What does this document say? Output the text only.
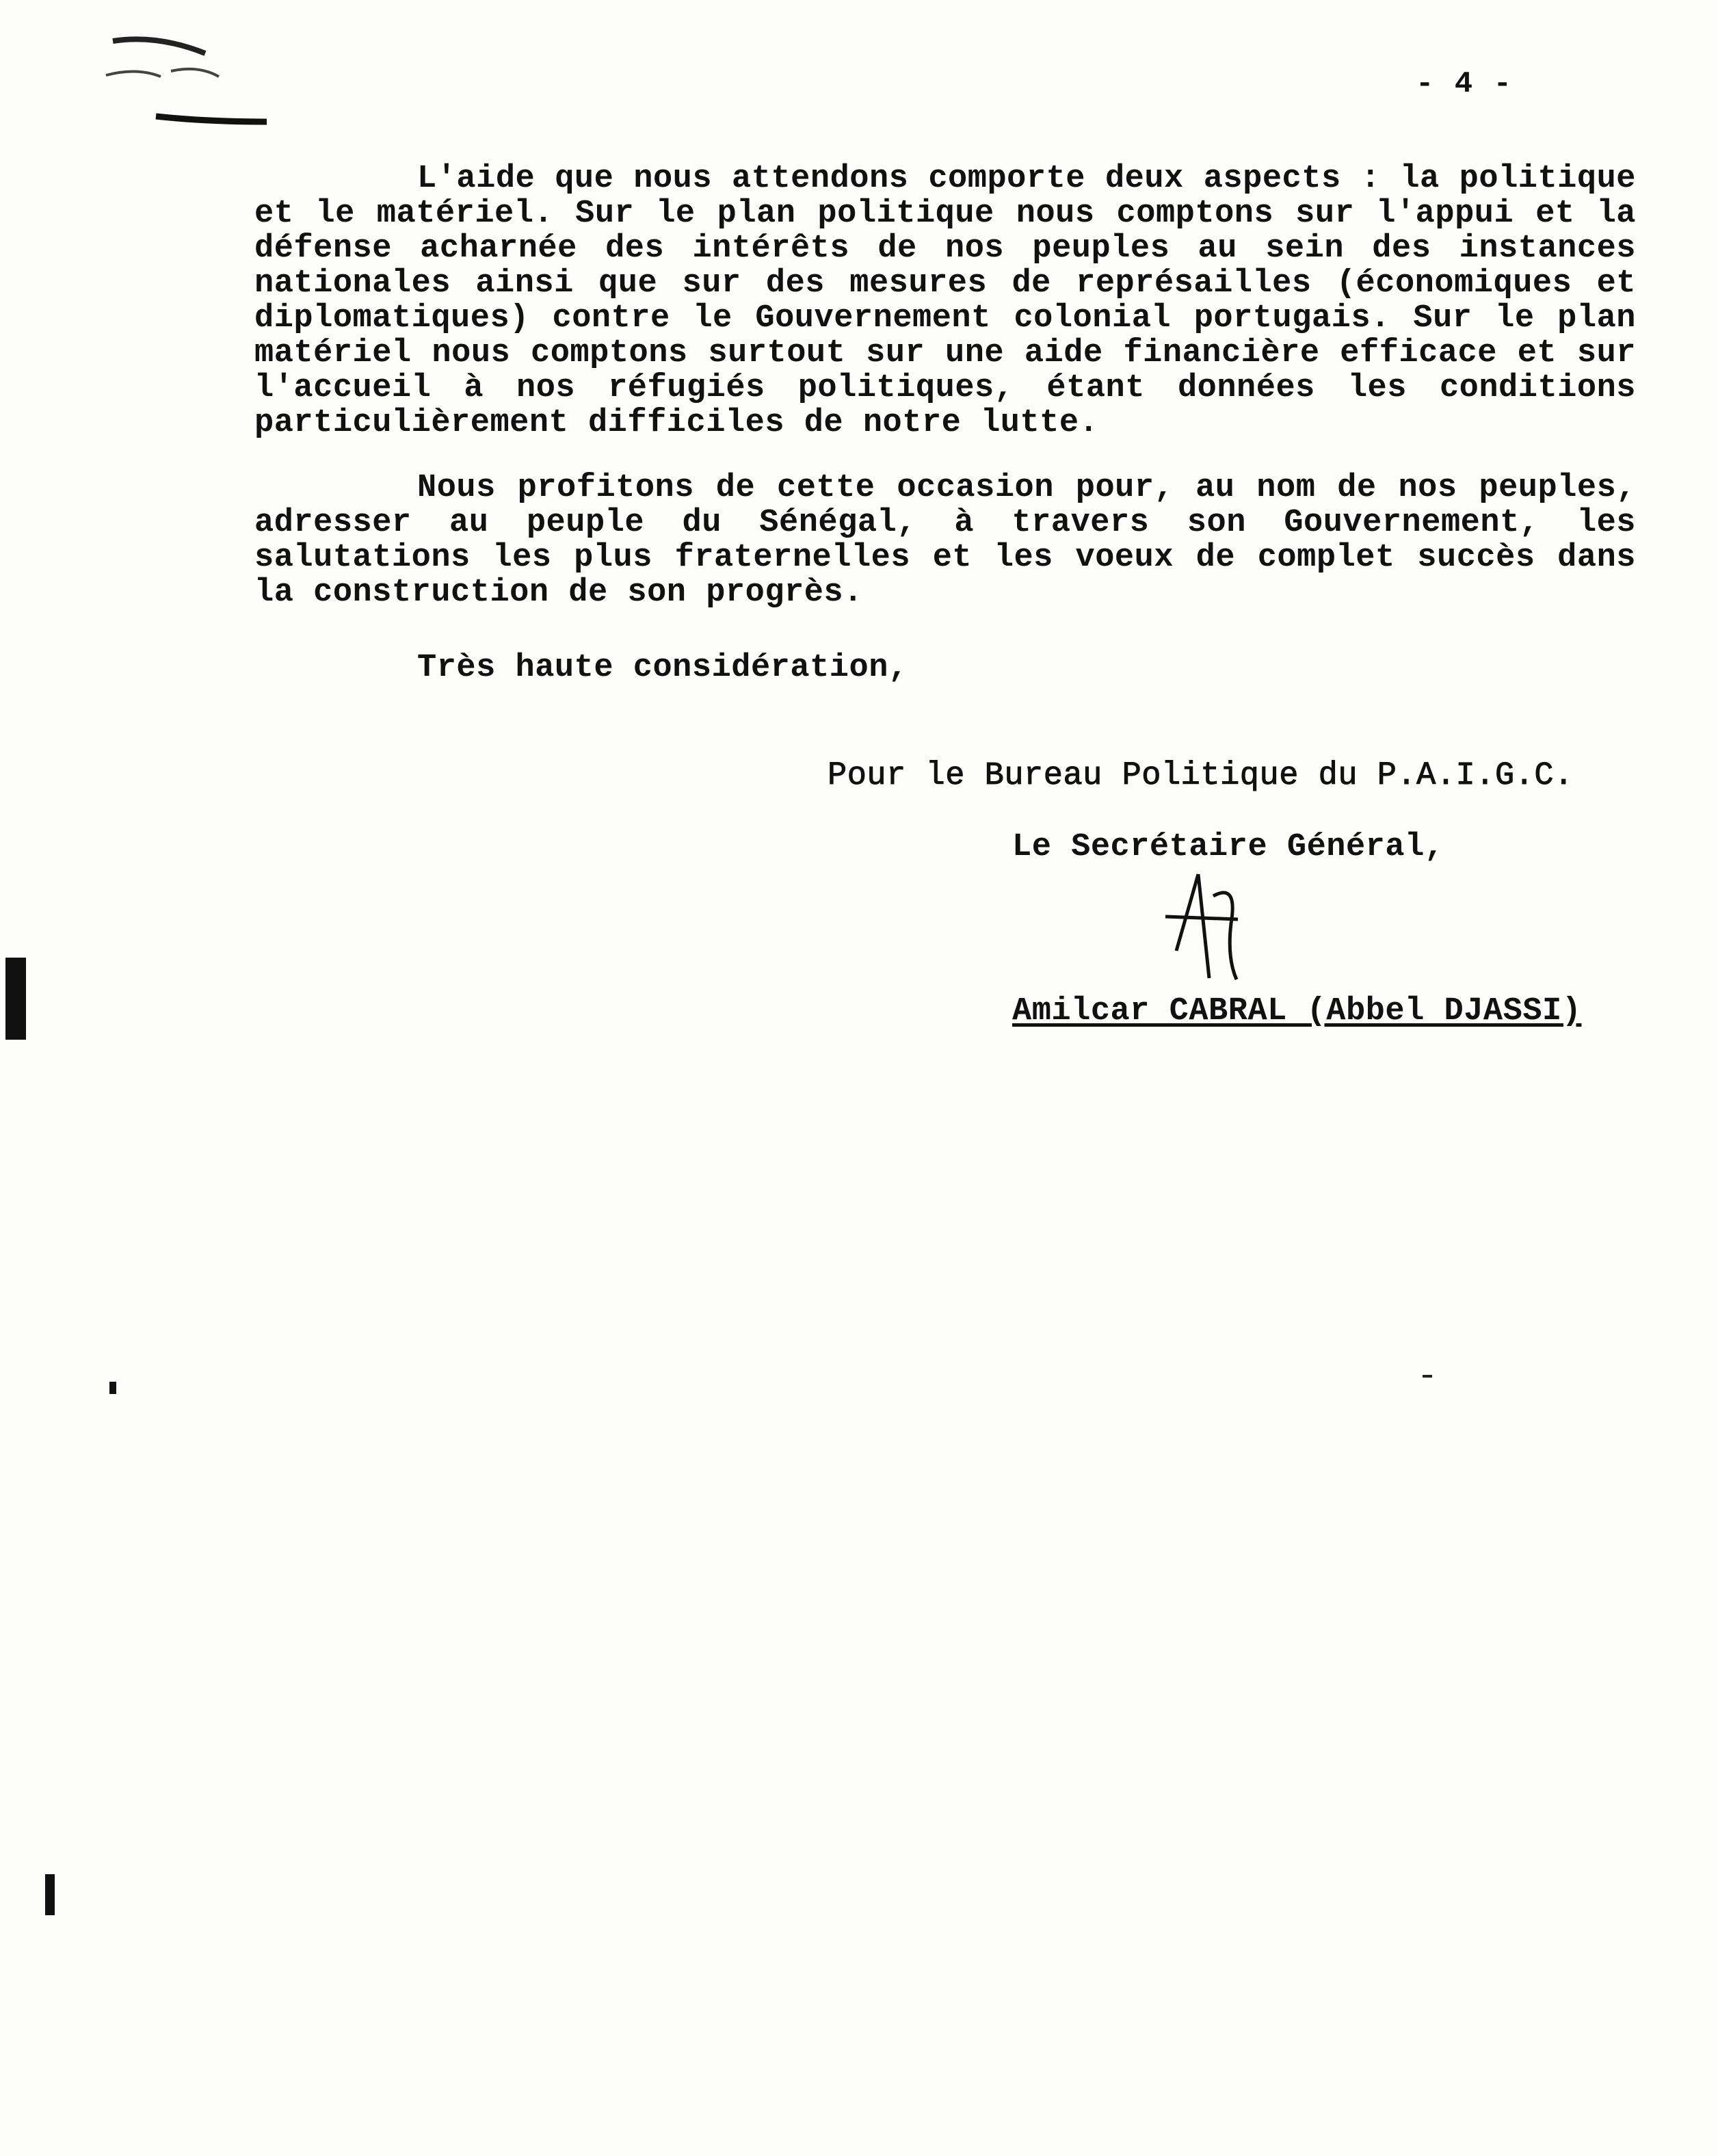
- 4 -

L'aide que nous attendons comporte deux aspects : la politique et le matériel. Sur le plan politique nous comptons sur l'appui et la défense acharnée des intérêts de nos peuples au sein des instances nationales ainsi que sur des mesures de représailles (économiques et diplomatiques) contre le Gouvernement colonial portugais. Sur le plan matériel nous comptons surtout sur une aide financière efficace et sur l'accueil à nos réfugiés politiques, étant données les conditions particulièrement difficiles de notre lutte.

Nous profitons de cette occasion pour, au nom de nos peuples, adresser au peuple du Sénégal, à travers son Gouvernement, les salutations les plus fraternelles et les voeux de complet succès dans la construction de son progrès.

Très haute considération,
Pour le Bureau Politique du P.A.I.G.C.
Le Secrétaire Général,
Amilcar CABRAL (Abbel DJASSI)
